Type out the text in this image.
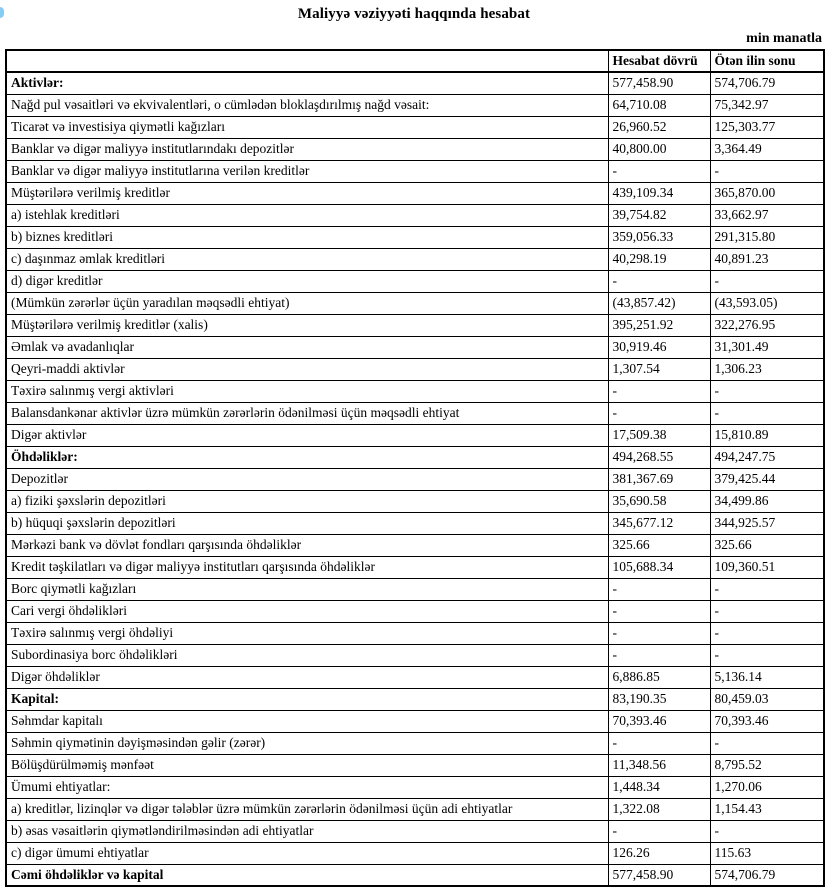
Maliyyə vəziyyəti haqqında hesabat
min manatla
	Hesabat dövrü	Ötən ilin sonu
Aktivlər:	577,458.90	574,706.79
Nağd pul vəsaitləri və ekvivalentləri, o cümlədən bloklaşdırılmış nağd vəsait:	64,710.08	75,342.97
Ticarət və investisiya qiymətli kağızları	26,960.52	125,303.77
Banklar və digər maliyyə institutlarındakı depozitlər	40,800.00	3,364.49
Banklar və digər maliyyə institutlarına verilən kreditlər	-	-
Müştərilərə verilmiş kreditlər	439,109.34	365,870.00
a) istehlak kreditləri	39,754.82	33,662.97
b) biznes kreditləri	359,056.33	291,315.80
c) daşınmaz əmlak kreditləri	40,298.19	40,891.23
d) digər kreditlər	-	-
(Mümkün zərərlər üçün yaradılan məqsədli ehtiyat)	(43,857.42)	(43,593.05)
Müştərilərə verilmiş kreditlər (xalis)	395,251.92	322,276.95
Əmlak və avadanlıqlar	30,919.46	31,301.49
Qeyri-maddi aktivlər	1,307.54	1,306.23
Təxirə salınmış vergi aktivləri	-	-
Balansdankənar aktivlər üzrə mümkün zərərlərin ödənilməsi üçün məqsədli ehtiyat	-	-
Digər aktivlər	17,509.38	15,810.89
Öhdəliklər:	494,268.55	494,247.75
Depozitlər	381,367.69	379,425.44
a) fiziki şəxslərin depozitləri	35,690.58	34,499.86
b) hüquqi şəxslərin depozitləri	345,677.12	344,925.57
Mərkəzi bank və dövlət fondları qarşısında öhdəliklər	325.66	325.66
Kredit təşkilatları və digər maliyyə institutları qarşısında öhdəliklər	105,688.34	109,360.51
Borc qiymətli kağızları	-	-
Cari vergi öhdəlikləri	-	-
Təxirə salınmış vergi öhdəliyi	-	-
Subordinasiya borc öhdəlikləri	-	-
Digər öhdəliklər	6,886.85	5,136.14
Kapital:	83,190.35	80,459.03
Səhmdar kapitalı	70,393.46	70,393.46
Səhmin qiymətinin dəyişməsindən gəlir (zərər)	-	-
Bölüşdürülməmiş mənfəət	11,348.56	8,795.52
Ümumi ehtiyatlar:	1,448.34	1,270.06
a) kreditlər, lizinqlər və digər tələblər üzrə mümkün zərərlərin ödənilməsi üçün adi ehtiyatlar	1,322.08	1,154.43
b) əsas vəsaitlərin qiymətləndirilməsindən adi ehtiyatlar	-	-
c) digər ümumi ehtiyatlar	126.26	115.63
Cəmi öhdəliklər və kapital	577,458.90	574,706.79
